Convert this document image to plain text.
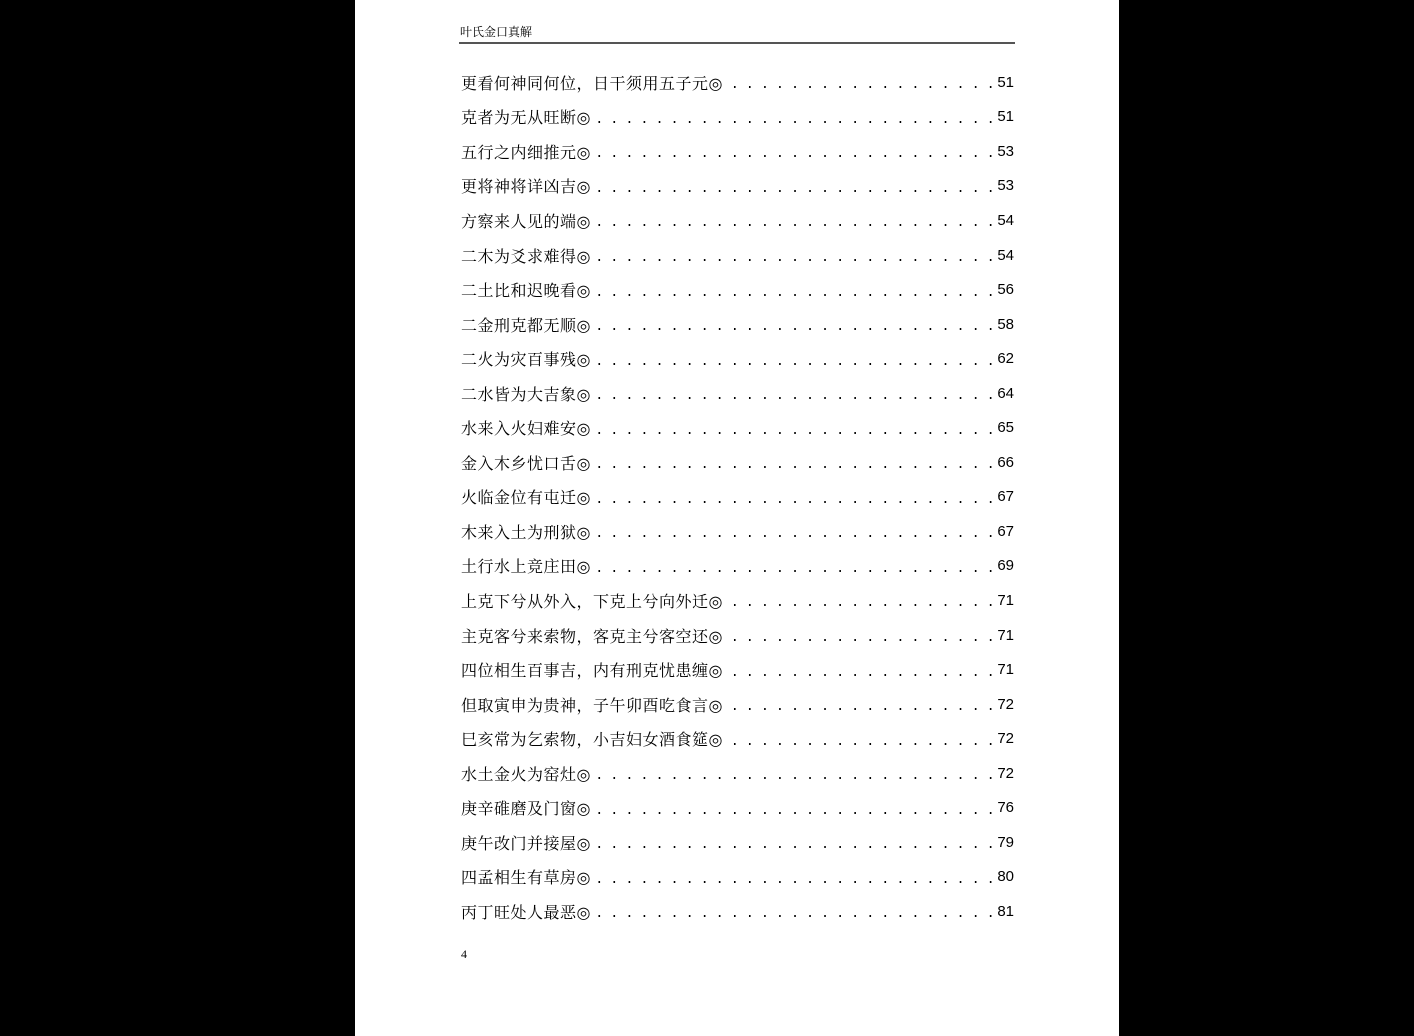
叶氏金口真解
更看何神同何位，日干须用五子元◎ . . .	51
克者为无从旺断◎ . . .	51
五行之内细推元◎ . . .	53
更将神将详凶吉◎ . . .	53
方察来人见的端◎ . . .	54
二木为爻求难得◎ . . .	54
二土比和迟晚看◎ . . .	56
二金刑克都无顺◎ . . .	58
二火为灾百事残◎ . . .	62
二水皆为大吉象◎ . . .	64
水来入火妇难安◎ . . .	65
金入木乡忧口舌◎ . . .	66
火临金位有屯迁◎ . . .	67
木来入土为刑狱◎ . . .	67
土行水上竞庄田◎ . . .	69
上克下兮从外入，下克上兮向外迁◎ . . .	71
主克客兮来索物，客克主兮客空还◎ . . .	71
四位相生百事吉，内有刑克忧患缠◎ . . .	71
但取寅申为贵神，子午卯酉吃食言◎ . . .	72
巳亥常为乞索物，小吉妇女酒食筵◎ . . .	72
水土金火为窑灶◎ . . .	72
庚辛碓磨及门窗◎ . . .	76
庚午改门并接屋◎ . . .	79
四孟相生有草房◎ . . .	80
丙丁旺处人最恶◎ . . .	81
4
